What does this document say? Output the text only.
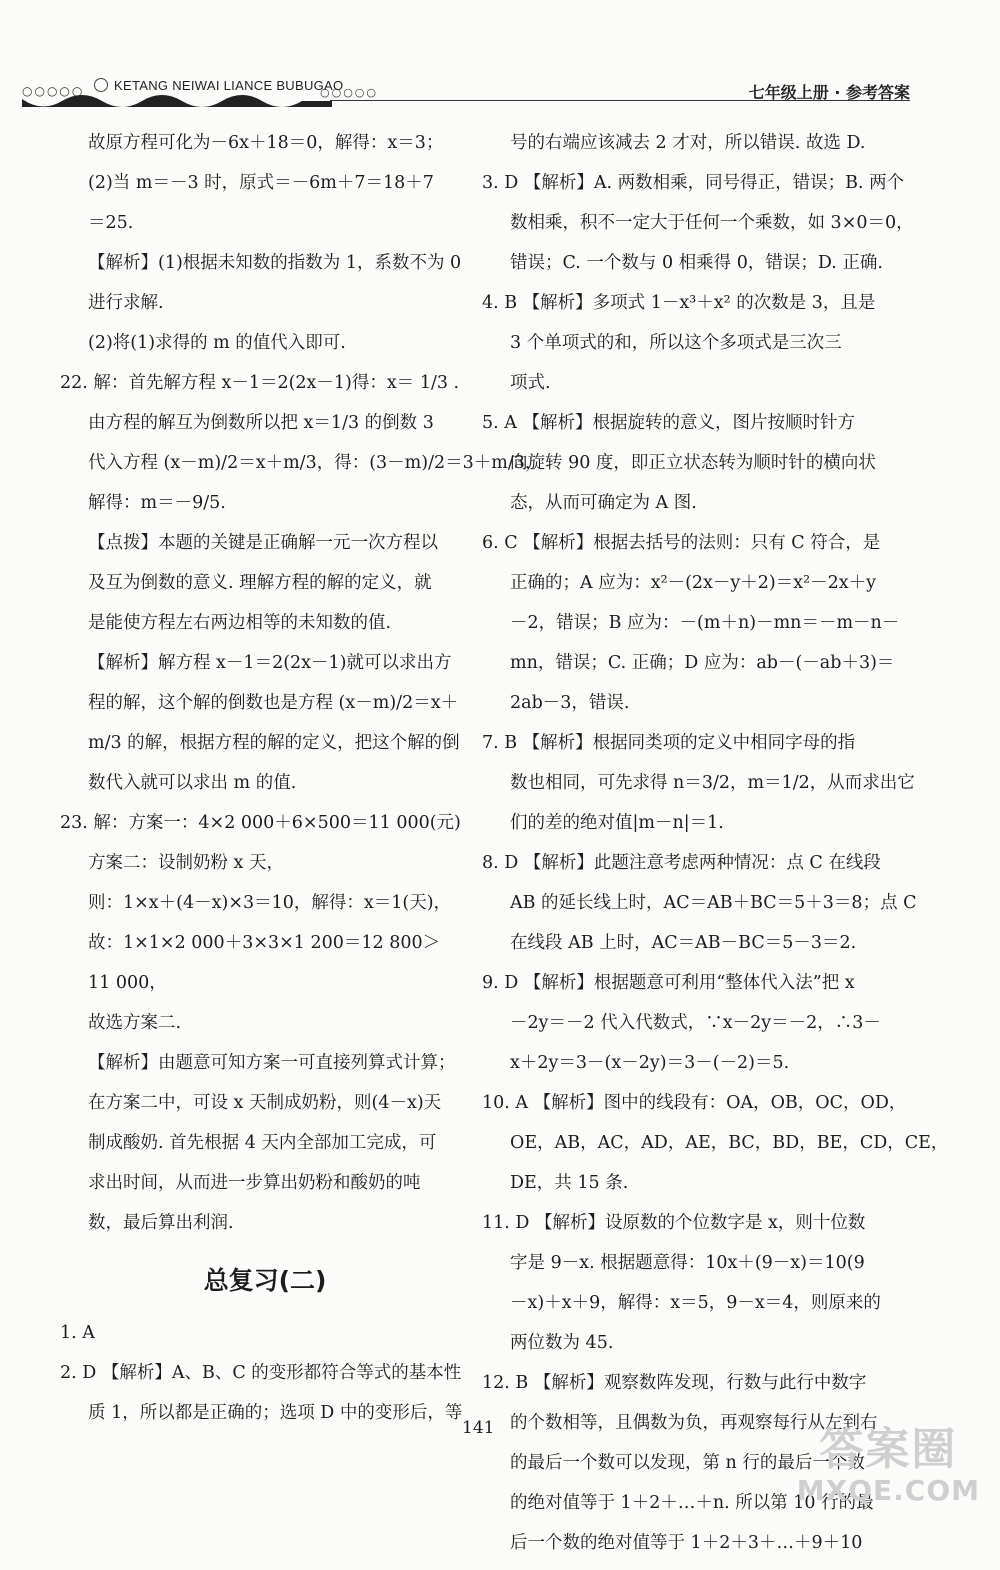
○○○○○	KETANG NEIWAI LIANCE BUBUGAO	七年级上册 · 参考答案
○○○○○
故原方程可化为－6x＋18＝0，解得：x＝3；
(2)当 m＝－3 时，原式＝－6m＋7＝18＋7
＝25.
【解析】(1)根据未知数的指数为 1，系数不为 0
进行求解.
(2)将(1)求得的 m 的值代入即可.
22. 解：首先解方程 x－1＝2(2x－1)得：x＝ 1/3 .
由方程的解互为倒数所以把 x＝1/3 的倒数 3
代入方程 (x－m)/2＝x＋m/3，得：(3－m)/2＝3＋m/3，
解得：m＝－9/5.
【点拨】本题的关键是正确解一元一次方程以
及互为倒数的意义. 理解方程的解的定义，就
是能使方程左右两边相等的未知数的值.
【解析】解方程 x－1＝2(2x－1)就可以求出方
程的解，这个解的倒数也是方程 (x－m)/2＝x＋
m/3 的解，根据方程的解的定义，把这个解的倒
数代入就可以求出 m 的值.
23. 解：方案一：4×2 000＋6×500＝11 000(元)
方案二：设制奶粉 x 天，
则：1×x＋(4－x)×3＝10，解得：x＝1(天)，
故：1×1×2 000＋3×3×1 200＝12 800＞
11 000，
故选方案二.
【解析】由题意可知方案一可直接列算式计算；
在方案二中，可设 x 天制成奶粉，则(4－x)天
制成酸奶. 首先根据 4 天内全部加工完成，可
求出时间，从而进一步算出奶粉和酸奶的吨
数，最后算出利润.
总复习(二)
1. A
2. D 【解析】A、B、C 的变形都符合等式的基本性
质 1，所以都是正确的；选项 D 中的变形后，等
号的右端应该减去 2 才对，所以错误. 故选 D.
3. D 【解析】A. 两数相乘，同号得正，错误；B. 两个
数相乘，积不一定大于任何一个乘数，如 3×0＝0，
错误；C. 一个数与 0 相乘得 0，错误；D. 正确.
4. B 【解析】多项式 1－x³＋x² 的次数是 3，且是
3 个单项式的和，所以这个多项式是三次三
项式.
5. A 【解析】根据旋转的意义，图片按顺时针方
向旋转 90 度，即正立状态转为顺时针的横向状
态，从而可确定为 A 图.
6. C 【解析】根据去括号的法则：只有 C 符合，是
正确的；A 应为：x²－(2x－y＋2)＝x²－2x＋y
－2，错误；B 应为：－(m＋n)－mn＝－m－n－
mn，错误；C. 正确；D 应为：ab－(－ab＋3)＝
2ab－3，错误.
7. B 【解析】根据同类项的定义中相同字母的指
数也相同，可先求得 n＝3/2，m＝1/2，从而求出它
们的差的绝对值|m－n|＝1.
8. D 【解析】此题注意考虑两种情况：点 C 在线段
AB 的延长线上时，AC＝AB＋BC＝5＋3＝8；点 C
在线段 AB 上时，AC＝AB－BC＝5－3＝2.
9. D 【解析】根据题意可利用“整体代入法”把 x
－2y＝－2 代入代数式，∵x－2y＝－2，∴3－
x＋2y＝3－(x－2y)＝3－(－2)＝5.
10. A 【解析】图中的线段有：OA，OB，OC，OD，
OE，AB，AC，AD，AE，BC，BD，BE，CD，CE，
DE，共 15 条.
11. D 【解析】设原数的个位数字是 x，则十位数
字是 9－x. 根据题意得：10x＋(9－x)＝10(9
－x)＋x＋9，解得：x＝5，9－x＝4，则原来的
两位数为 45.
12. B 【解析】观察数阵发现，行数与此行中数字
的个数相等，且偶数为负，再观察每行从左到右
的最后一个数可以发现，第 n 行的最后一个数
的绝对值等于 1＋2＋…＋n. 所以第 10 行的最
后一个数的绝对值等于 1＋2＋3＋…＋9＋10
141	答案圈
MXQE.COM
